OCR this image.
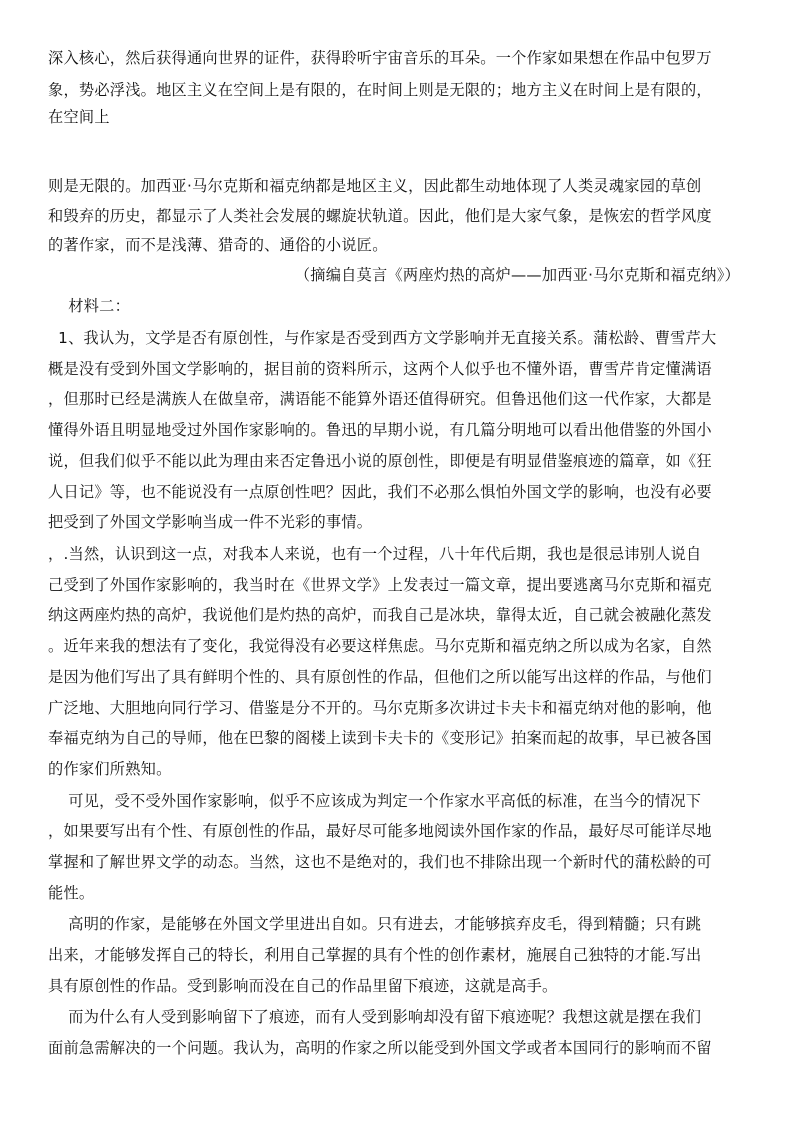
深入核心，然后获得通向世界的证件，获得聆听宇宙音乐的耳朵。一个作家如果想在作品中包罗万
象，势必浮浅。地区主义在空间上是有限的，在时间上则是无限的；地方主义在时间上是有限的，
在空间上
则是无限的。加西亚·马尔克斯和福克纳都是地区主义，因此都生动地体现了人类灵魂家园的草创
和毁弃的历史，都显示了人类社会发展的螺旋状轨道。因此，他们是大家气象，是恢宏的哲学风度
的著作家，而不是浅薄、猎奇的、通俗的小说匠。
（摘编自莫言《两座灼热的高炉——加西亚·马尔克斯和福克纳》）
材料二：
1、我认为，文学是否有原创性，与作家是否受到西方文学影响并无直接关系。蒲松龄、曹雪芹大
概是没有受到外国文学影响的，据目前的资料所示，这两个人似乎也不懂外语，曹雪芹肯定懂满语
，但那时已经是满族人在做皇帝，满语能不能算外语还值得研究。但鲁迅他们这一代作家，大都是
懂得外语且明显地受过外国作家影响的。鲁迅的早期小说，有几篇分明地可以看出他借鉴的外国小
说，但我们似乎不能以此为理由来否定鲁迅小说的原创性，即便是有明显借鉴痕迹的篇章，如《狂
人日记》等，也不能说没有一点原创性吧？因此，我们不必那么惧怕外国文学的影响，也没有必要
把受到了外国文学影响当成一件不光彩的事情。
，.当然，认识到这一点，对我本人来说，也有一个过程，八十年代后期，我也是很忌讳别人说自
己受到了外国作家影响的，我当时在《世界文学》上发表过一篇文章，提出要逃离马尔克斯和福克
纳这两座灼热的高炉，我说他们是灼热的高炉，而我自己是冰块，靠得太近，自己就会被融化蒸发
。近年来我的想法有了变化，我觉得没有必要这样焦虑。马尔克斯和福克纳之所以成为名家，自然
是因为他们写出了具有鲜明个性的、具有原创性的作品，但他们之所以能写出这样的作品，与他们
广泛地、大胆地向同行学习、借鉴是分不开的。马尔克斯多次讲过卡夫卡和福克纳对他的影响，他
奉福克纳为自己的导师，他在巴黎的阁楼上读到卡夫卡的《变形记》拍案而起的故事，早已被各国
的作家们所熟知。
可见，受不受外国作家影响，似乎不应该成为判定一个作家水平高低的标准，在当今的情况下
，如果要写出有个性、有原创性的作品，最好尽可能多地阅读外国作家的作品，最好尽可能详尽地
掌握和了解世界文学的动态。当然，这也不是绝对的，我们也不排除出现一个新时代的蒲松龄的可
能性。
高明的作家，是能够在外国文学里进出自如。只有进去，才能够摈弃皮毛，得到精髓；只有跳
出来，才能够发挥自己的特长，利用自己掌握的具有个性的创作素材，施展自己独特的才能.写出
具有原创性的作品。受到影响而没在自己的作品里留下痕迹，这就是高手。
而为什么有人受到影响留下了痕迹，而有人受到影响却没有留下痕迹呢？我想这就是摆在我们
面前急需解决的一个问题。我认为，高明的作家之所以能受到外国文学或者本国同行的影响而不留
